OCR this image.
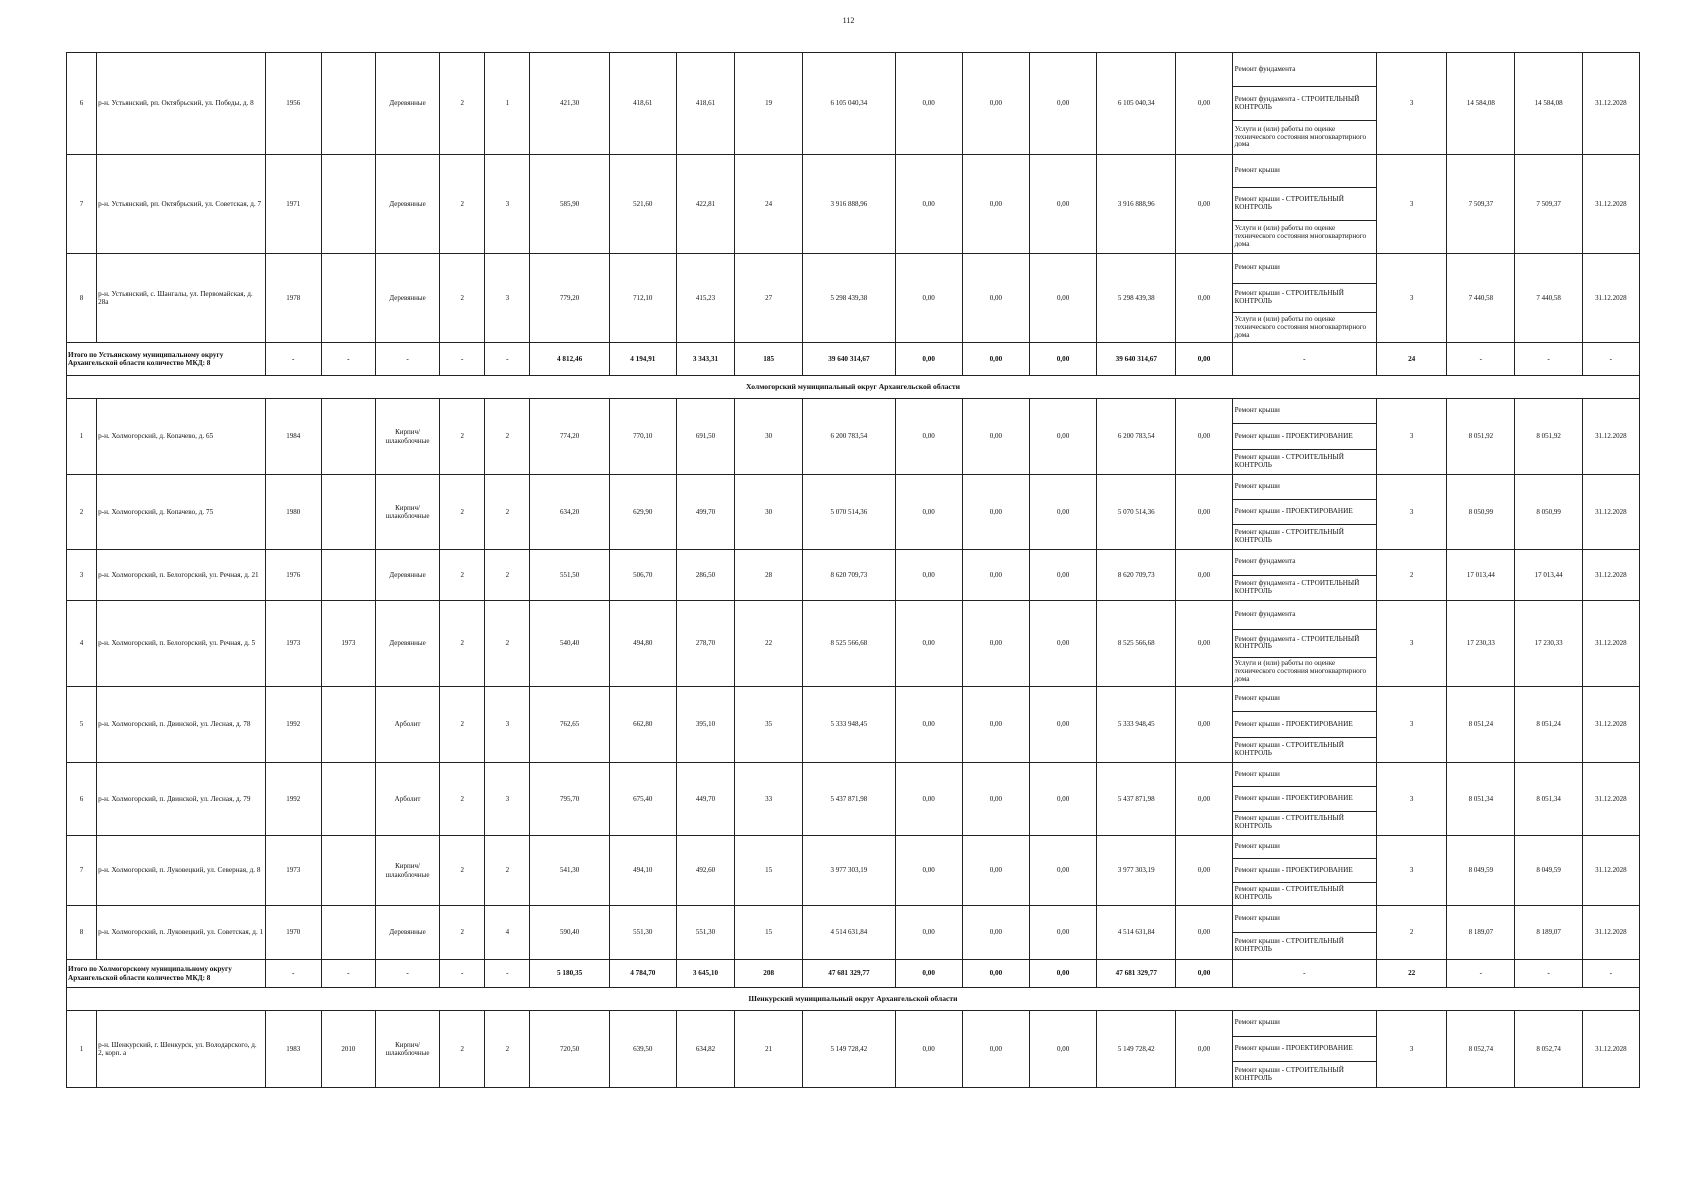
112
6	р-н. Устьянский, рп. Октябрьский, ул. Победы, д. 8	1956		Деревянные	2	1	421,30	418,61	418,61	19	6 105 040,34	0,00	0,00	0,00	6 105 040,34	0,00	Ремонт фундамента
Ремонт фундамента - СТРОИТЕЛЬНЫЙ КОНТРОЛЬ
Услуги и (или) работы по оценке технического состояния многоквартирного дома	3	14 584,08	14 584,08	31.12.2028
7	р-н. Устьянский, рп. Октябрьский, ул. Советская, д. 7	1971		Деревянные	2	3	585,90	521,60	422,81	24	3 916 888,96	0,00	0,00	0,00	3 916 888,96	0,00	Ремонт крыши
Ремонт крыши - СТРОИТЕЛЬНЫЙ КОНТРОЛЬ
Услуги и (или) работы по оценке технического состояния многоквартирного дома	3	7 509,37	7 509,37	31.12.2028
8	р-н. Устьянский, с. Шангалы, ул. Первомайская, д. 28а	1978		Деревянные	2	3	779,20	712,10	415,23	27	5 298 439,38	0,00	0,00	0,00	5 298 439,38	0,00	Ремонт крыши
Ремонт крыши - СТРОИТЕЛЬНЫЙ КОНТРОЛЬ
Услуги и (или) работы по оценке технического состояния многоквартирного дома	3	7 440,58	7 440,58	31.12.2028
Итого по Устьянскому муниципальному округу Архангельской области количество МКД: 8		-	-	-	-	-	4 812,46	4 194,91	3 343,31	185	39 640 314,67	0,00	0,00	0,00	39 640 314,67	0,00	-	24	-	-	-
Холмогорский муниципальный округ Архангельской области																					
1	р-н. Холмогорский, д. Копачево, д. 65	1984		Кирпич/ шлакоблочные	2	2	774,20	770,10	691,50	30	6 200 783,54	0,00	0,00	0,00	6 200 783,54	0,00	Ремонт крыши
Ремонт крыши - ПРОЕКТИРОВАНИЕ
Ремонт крыши - СТРОИТЕЛЬНЫЙ КОНТРОЛЬ	3	8 051,92	8 051,92	31.12.2028
2	р-н. Холмогорский, д. Копачево, д. 75	1980		Кирпич/ шлакоблочные	2	2	634,20	629,90	499,70	30	5 070 514,36	0,00	0,00	0,00	5 070 514,36	0,00	Ремонт крыши
Ремонт крыши - ПРОЕКТИРОВАНИЕ
Ремонт крыши - СТРОИТЕЛЬНЫЙ КОНТРОЛЬ	3	8 050,99	8 050,99	31.12.2028
3	р-н. Холмогорский, п. Белогорский, ул. Речная, д. 21	1976		Деревянные	2	2	551,50	506,70	286,50	28	8 620 709,73	0,00	0,00	0,00	8 620 709,73	0,00	Ремонт фундамента
Ремонт фундамента - СТРОИТЕЛЬНЫЙ КОНТРОЛЬ	2	17 013,44	17 013,44	31.12.2028
4	р-н. Холмогорский, п. Белогорский, ул. Речная, д. 5	1973	1973	Деревянные	2	2	540,40	494,80	278,70	22	8 525 566,68	0,00	0,00	0,00	8 525 566,68	0,00	Ремонт фундамента
Ремонт фундамента - СТРОИТЕЛЬНЫЙ КОНТРОЛЬ
Услуги и (или) работы по оценке технического состояния многоквартирного дома	3	17 230,33	17 230,33	31.12.2028
5	р-н. Холмогорский, п. Двинской, ул. Лесная, д. 78	1992		Арболит	2	3	762,65	662,80	395,10	35	5 333 948,45	0,00	0,00	0,00	5 333 948,45	0,00	Ремонт крыши
Ремонт крыши - ПРОЕКТИРОВАНИЕ
Ремонт крыши - СТРОИТЕЛЬНЫЙ КОНТРОЛЬ	3	8 051,24	8 051,24	31.12.2028
6	р-н. Холмогорский, п. Двинской, ул. Лесная, д. 79	1992		Арболит	2	3	795,70	675,40	449,70	33	5 437 871,98	0,00	0,00	0,00	5 437 871,98	0,00	Ремонт крыши
Ремонт крыши - ПРОЕКТИРОВАНИЕ
Ремонт крыши - СТРОИТЕЛЬНЫЙ КОНТРОЛЬ	3	8 051,34	8 051,34	31.12.2028
7	р-н. Холмогорский, п. Луковецкий, ул. Северная, д. 8	1973		Кирпич/ шлакоблочные	2	2	541,30	494,10	492,60	15	3 977 303,19	0,00	0,00	0,00	3 977 303,19	0,00	Ремонт крыши
Ремонт крыши - ПРОЕКТИРОВАНИЕ
Ремонт крыши - СТРОИТЕЛЬНЫЙ КОНТРОЛЬ	3	8 049,59	8 049,59	31.12.2028
8	р-н. Холмогорский, п. Луковецкий, ул. Советская, д. 1	1970		Деревянные	2	4	590,40	551,30	551,30	15	4 514 631,84	0,00	0,00	0,00	4 514 631,84	0,00	Ремонт крыши
Ремонт крыши - СТРОИТЕЛЬНЫЙ КОНТРОЛЬ	2	8 189,07	8 189,07	31.12.2028
Итого по Холмогорскому муниципальному округу Архангельской области количество МКД: 8		-	-	-	-	-	5 180,35	4 784,70	3 645,10	208	47 681 329,77	0,00	0,00	0,00	47 681 329,77	0,00	-	22	-	-	-
Шенкурский муниципальный округ Архангельской области																					
1	р-н. Шенкурский, г. Шенкурск, ул. Володарского, д. 2, корп. а	1983	2010	Кирпич/ шлакоблочные	2	2	720,50	639,50	634,82	21	5 149 728,42	0,00	0,00	0,00	5 149 728,42	0,00	Ремонт крыши
Ремонт крыши - ПРОЕКТИРОВАНИЕ
Ремонт крыши - СТРОИТЕЛЬНЫЙ КОНТРОЛЬ	3	8 052,74	8 052,74	31.12.2028
